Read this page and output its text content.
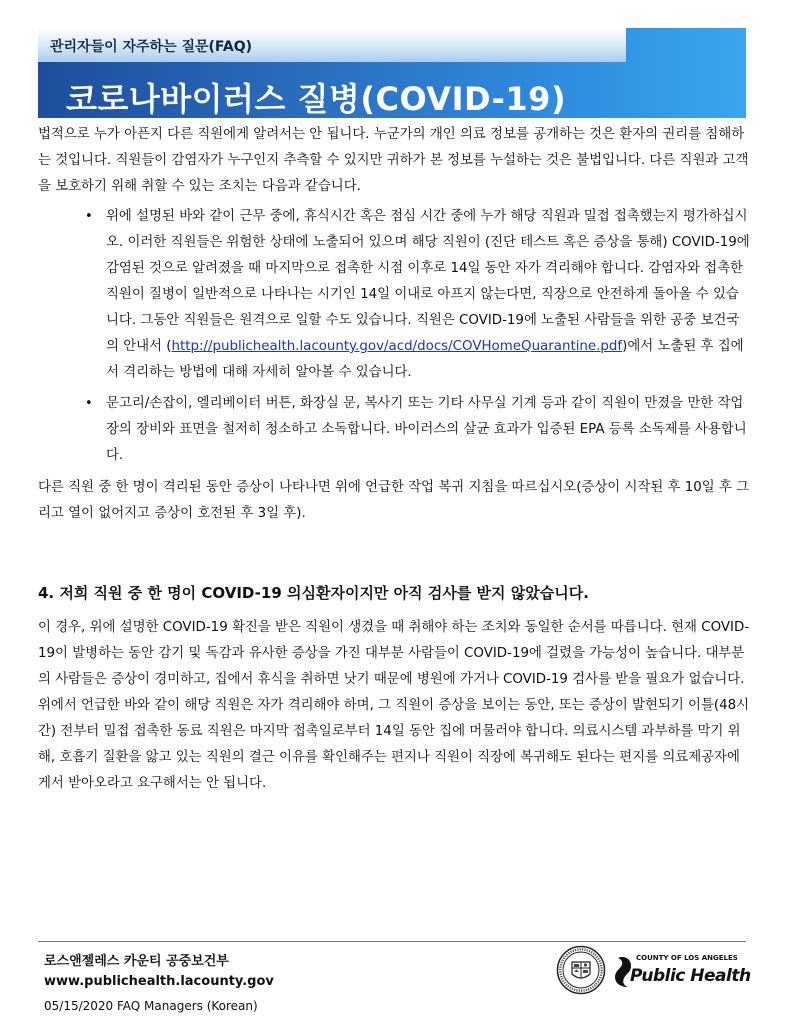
관리자들이 자주하는 질문(FAQ)
코로나바이러스 질병(COVID-19)

법적으로 누가 아픈지 다른 직원에게 알려서는 안 됩니다. 누군가의 개인 의료 정보를 공개하는 것은 환자의 권리를 침해하는 것입니다. 직원들이 감염자가 누구인지 추측할 수 있지만 귀하가 본 정보를 누설하는 것은 불법입니다. 다른 직원과 고객을 보호하기 위해 취할 수 있는 조치는 다음과 같습니다.

• 위에 설명된 바와 같이 근무 중에, 휴식시간 혹은 점심 시간 중에 누가 해당 직원과 밀접 접촉했는지 평가하십시오. 이러한 직원들은 위험한 상태에 노출되어 있으며 해당 직원이 (진단 테스트 혹은 증상을 통해) COVID-19에 감염된 것으로 알려졌을 때 마지막으로 접촉한 시점 이후로 14일 동안 자가 격리해야 합니다. 감염자와 접촉한 직원이 질병이 일반적으로 나타나는 시기인 14일 이내로 아프지 않는다면, 직장으로 안전하게 돌아올 수 있습니다. 그동안 직원들은 원격으로 일할 수도 있습니다. 직원은 COVID-19에 노출된 사람들을 위한 공중 보건국의 안내서 (http://publichealth.lacounty.gov/acd/docs/COVHomeQuarantine.pdf)에서 노출된 후 집에서 격리하는 방법에 대해 자세히 알아볼 수 있습니다.
• 문고리/손잡이, 엘리베이터 버튼, 화장실 문, 복사기 또는 기타 사무실 기계 등과 같이 직원이 만졌을 만한 작업장의 장비와 표면을 철저히 청소하고 소독합니다. 바이러스의 살균 효과가 입증된 EPA 등록 소독제를 사용합니다.

다른 직원 중 한 명이 격리된 동안 증상이 나타나면 위에 언급한 작업 복귀 지침을 따르십시오(증상이 시작된 후 10일 후 그리고 열이 없어지고 증상이 호전된 후 3일 후).

4. 저희 직원 중 한 명이 COVID-19 의심환자이지만 아직 검사를 받지 않았습니다.

이 경우, 위에 설명한 COVID-19 확진을 받은 직원이 생겼을 때 취해야 하는 조치와 동일한 순서를 따릅니다. 현재 COVID-19이 발병하는 동안 감기 및 독감과 유사한 증상을 가진 대부분 사람들이 COVID-19에 걸렸을 가능성이 높습니다. 대부분의 사람들은 증상이 경미하고, 집에서 휴식을 취하면 낫기 때문에 병원에 가거나 COVID-19 검사를 받을 필요가 없습니다. 위에서 언급한 바와 같이 해당 직원은 자가 격리해야 하며, 그 직원이 증상을 보이는 동안, 또는 증상이 발현되기 이틀(48시간) 전부터 밀접 접촉한 동료 직원은 마지막 접촉일로부터 14일 동안 집에 머물러야 합니다. 의료시스템 과부하를 막기 위해, 호흡기 질환을 앓고 있는 직원의 결근 이유를 확인해주는 편지나 직원이 직장에 복귀해도 된다는 편지를 의료제공자에게서 받아오라고 요구해서는 안 됩니다.

로스앤젤레스 카운티 공중보건부
www.publichealth.lacounty.gov
05/15/2020 FAQ Managers (Korean)
COUNTY OF LOS ANGELES
Public Health
